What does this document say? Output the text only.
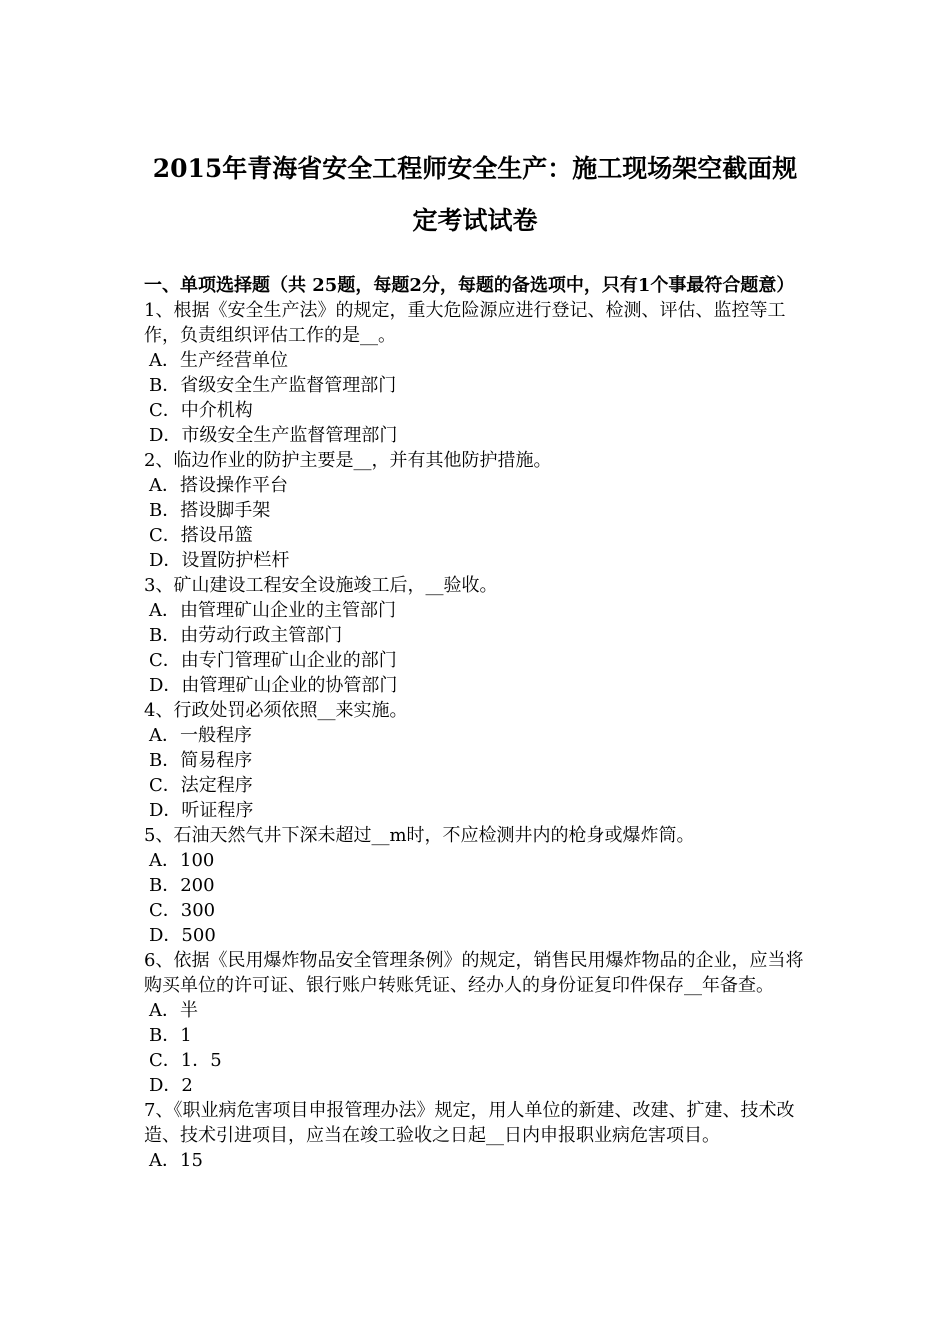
2015年青海省安全工程师安全生产：施工现场架空截面规
定考试试卷

一、单项选择题（共 25题，每题2分，每题的备选项中，只有1个事最符合题意）

1、根据《安全生产法》的规定，重大危险源应进行登记、检测、评估、监控等工作，负责组织评估工作的是__。

A．生产经营单位

B．省级安全生产监督管理部门

C．中介机构

D．市级安全生产监督管理部门

2、临边作业的防护主要是__，并有其他防护措施。

A．搭设操作平台

B．搭设脚手架

C．搭设吊篮

D．设置防护栏杆

3、矿山建设工程安全设施竣工后，__验收。

A．由管理矿山企业的主管部门

B．由劳动行政主管部门

C．由专门管理矿山企业的部门

D．由管理矿山企业的协管部门

4、行政处罚必须依照__来实施。

A．一般程序

B．简易程序

C．法定程序

D．听证程序

5、石油天然气井下深未超过__m时，不应检测井内的枪身或爆炸筒。

A．100

B．200

C．300

D．500

6、依据《民用爆炸物品安全管理条例》的规定，销售民用爆炸物品的企业，应当将购买单位的许可证、银行账户转账凭证、经办人的身份证复印件保存__年备查。

A．半

B．1

C．1．5

D．2

7、《职业病危害项目申报管理办法》规定，用人单位的新建、改建、扩建、技术改造、技术引进项目，应当在竣工验收之日起__日内申报职业病危害项目。

A．15
